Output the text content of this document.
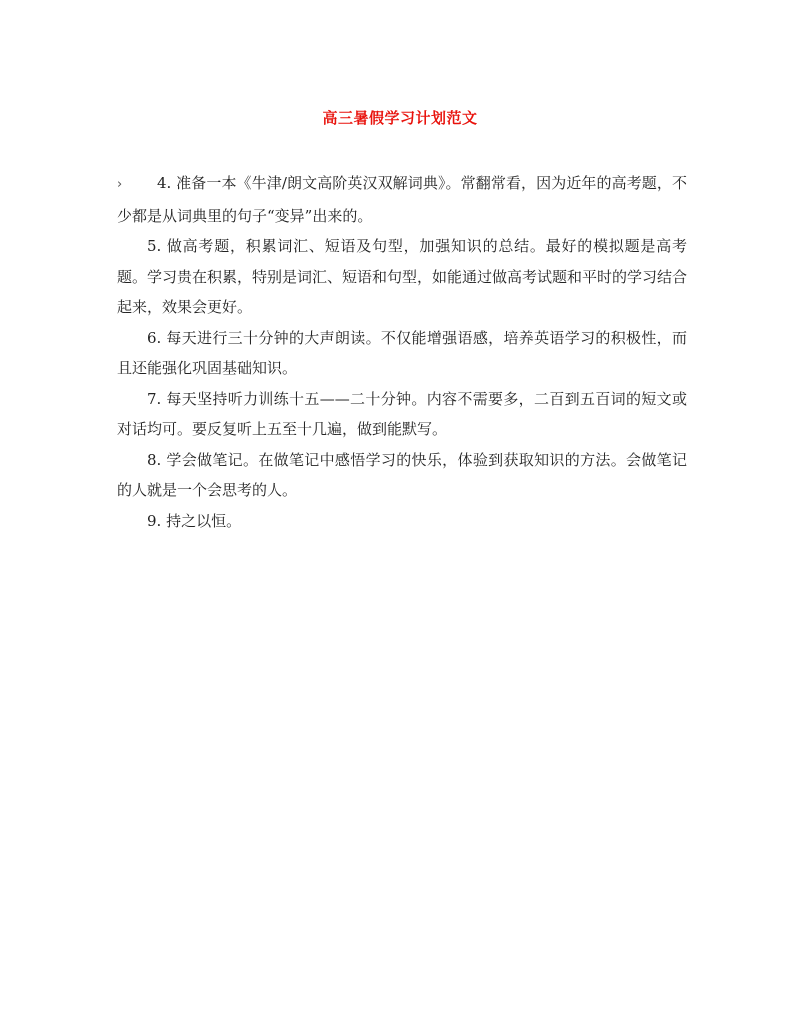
高三暑假学习计划范文

› 4. 准备一本《牛津/朗文高阶英汉双解词典》。常翻常看，因为近年的高考题，不少都是从词典里的句子“变异”出来的。

5. 做高考题，积累词汇、短语及句型，加强知识的总结。最好的模拟题是高考题。学习贵在积累，特别是词汇、短语和句型，如能通过做高考试题和平时的学习结合起来，效果会更好。

6. 每天进行三十分钟的大声朗读。不仅能增强语感，培养英语学习的积极性，而且还能强化巩固基础知识。

7. 每天坚持听力训练十五——二十分钟。内容不需要多，二百到五百词的短文或对话均可。要反复听上五至十几遍，做到能默写。

8. 学会做笔记。在做笔记中感悟学习的快乐，体验到获取知识的方法。会做笔记的人就是一个会思考的人。

9. 持之以恒。
